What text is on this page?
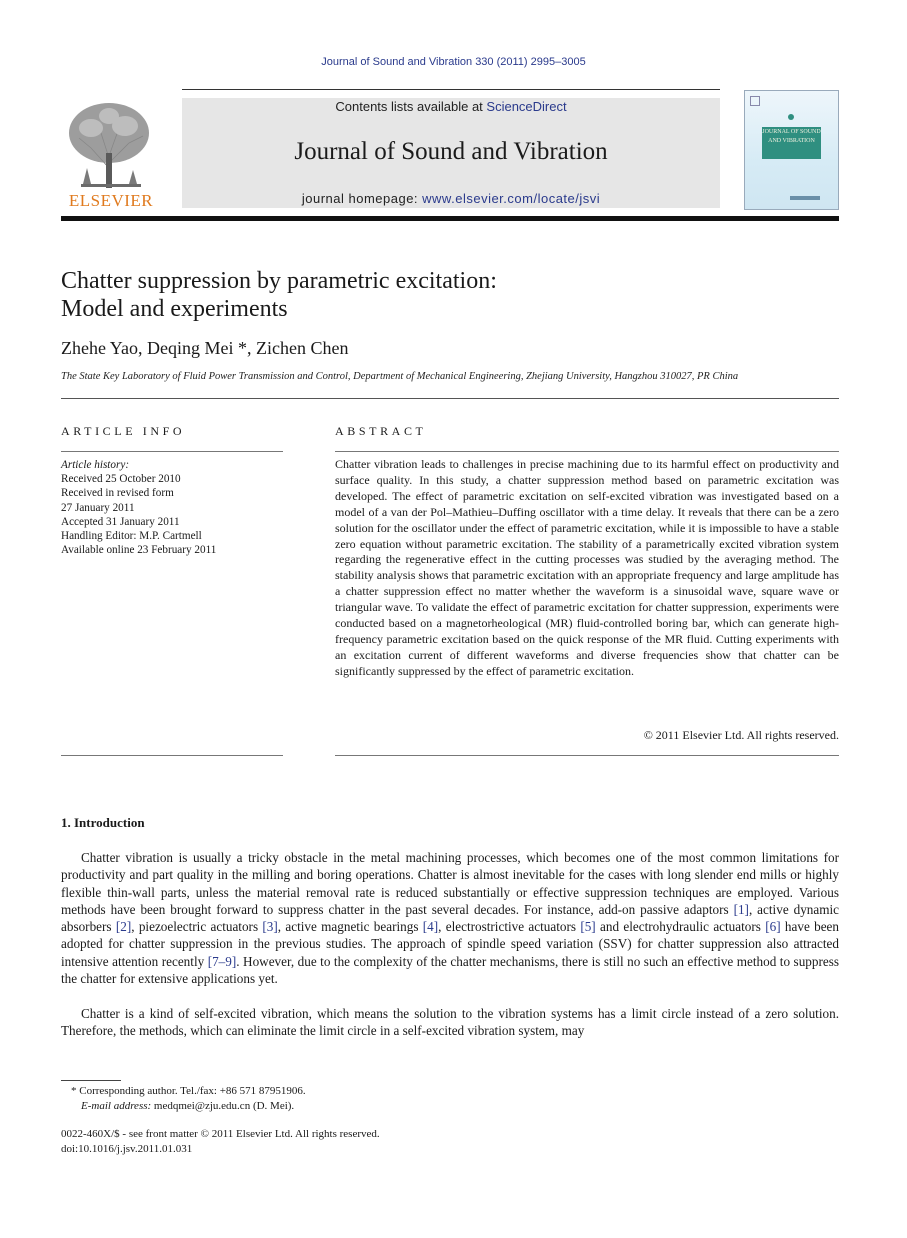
Journal of Sound and Vibration 330 (2011) 2995–3005
ELSEVIER
Contents lists available at ScienceDirect
Journal of Sound and Vibration
journal homepage: www.elsevier.com/locate/jsvi
JOURNAL OF SOUND AND VIBRATION
Chatter suppression by parametric excitation:
Model and experiments
Zhehe Yao, Deqing Mei *, Zichen Chen
The State Key Laboratory of Fluid Power Transmission and Control, Department of Mechanical Engineering, Zhejiang University, Hangzhou 310027, PR China
ARTICLE INFO	ABSTRACT
Article history:
Received 25 October 2010
Received in revised form
27 January 2011
Accepted 31 January 2011
Handling Editor: M.P. Cartmell
Available online 23 February 2011
Chatter vibration leads to challenges in precise machining due to its harmful effect on productivity and surface quality. In this study, a chatter suppression method based on parametric excitation was developed. The effect of parametric excitation on self-excited vibration was investigated based on a model of a van der Pol–Mathieu–Duffing oscillator with a time delay. It reveals that there can be a zero solution for the oscillator under the effect of parametric excitation, while it is impossible to have a stable zero equation without parametric excitation. The stability of a parametrically excited vibration system regarding the regenerative effect in the cutting processes was studied by the averaging method. The stability analysis shows that parametric excitation with an appropriate frequency and large amplitude has a chatter suppression effect no matter whether the waveform is a sinusoidal wave, square wave or triangular wave. To validate the effect of parametric excitation for chatter suppression, experiments were conducted based on a magnetorheological (MR) fluid-controlled boring bar, which can generate high-frequency parametric excitation based on the quick response of the MR fluid. Cutting experiments with an excitation current of different waveforms and diverse frequencies show that chatter can be significantly suppressed by the effect of parametric excitation.
© 2011 Elsevier Ltd. All rights reserved.
1. Introduction
Chatter vibration is usually a tricky obstacle in the metal machining processes, which becomes one of the most common limitations for productivity and part quality in the milling and boring operations. Chatter is almost inevitable for the cases with long slender end mills or highly flexible thin-wall parts, unless the material removal rate is reduced substantially or effective suppression techniques are employed. Various methods have been brought forward to suppress chatter in the past several decades. For instance, add-on passive adaptors [1], active dynamic absorbers [2], piezoelectric actuators [3], active magnetic bearings [4], electrostrictive actuators [5] and electrohydraulic actuators [6] have been adopted for chatter suppression in the previous studies. The approach of spindle speed variation (SSV) for chatter suppression also attracted intensive attention recently [7–9]. However, due to the complexity of the chatter mechanisms, there is still no such an effective method to suppress the chatter for extensive applications yet.
Chatter is a kind of self-excited vibration, which means the solution to the vibration systems has a limit circle instead of a zero solution. Therefore, the methods, which can eliminate the limit circle in a self-excited vibration system, may
* Corresponding author. Tel./fax: +86 571 87951906.
E-mail address: medqmei@zju.edu.cn (D. Mei).
0022-460X/$ - see front matter © 2011 Elsevier Ltd. All rights reserved.
doi:10.1016/j.jsv.2011.01.031
